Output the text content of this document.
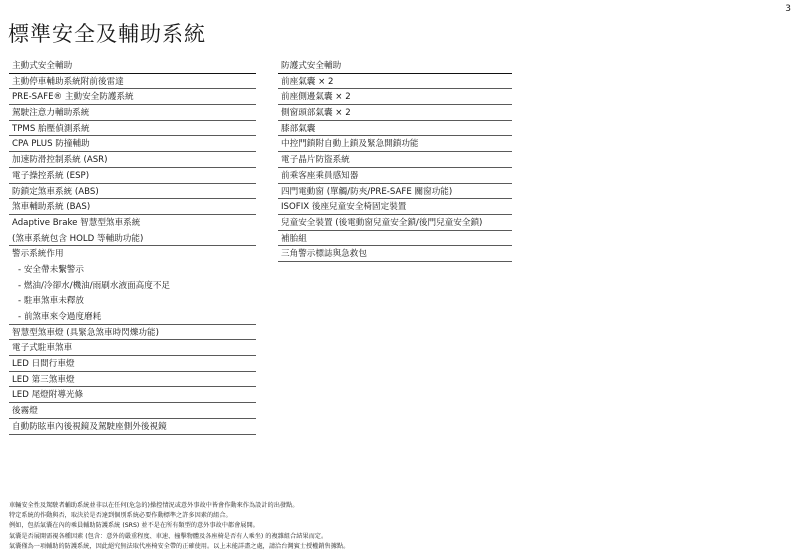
3
標準安全及輔助系統
主動式安全輔助
主動停車輔助系統附前後雷達
PRE-SAFE® 主動安全防護系統
駕駛注意力輔助系統
TPMS 胎壓偵測系統
CPA PLUS 防撞輔助
加速防滑控制系統 (ASR)
電子操控系統 (ESP)
防鎖定煞車系統 (ABS)
煞車輔助系統 (BAS)
Adaptive Brake 智慧型煞車系統
(煞車系統包含 HOLD 等輔助功能)
警示系統作用
- 安全帶未繫警示
- 燃油/冷卻水/機油/雨刷水液面高度不足
- 駐車煞車未釋放
- 前煞車來令過度磨耗
智慧型煞車燈 (具緊急煞車時閃爍功能)
電子式駐車煞車
LED 日間行車燈
LED 第三煞車燈
LED 尾燈附導光條
後霧燈
自動防眩車內後視鏡及駕駛座側外後視鏡
防護式安全輔助
前座氣囊 × 2
前座側邊氣囊 × 2
側窗頭部氣囊 × 2
膝部氣囊
中控門鎖附自動上鎖及緊急開鎖功能
電子晶片防盜系統
前乘客座乘員感知器
四門電動窗 (單觸/防夾/PRE-SAFE 關窗功能)
ISOFIX 後座兒童安全椅固定裝置
兒童安全裝置 (後電動窗兒童安全鎖/後門兒童安全鎖)
補胎組
三角警示標誌與急救包
車輛安全性及駕駛者輔助系統並非以在任何(危急的)操控情況或意外事故中皆會作動來作為設計的出發點。
特定系統的作動與否，取決於是否達到個別系統必要作動標準之許多因素的組合。
例如，包括氣囊在內的乘員輔助防護系統 (SRS) 並不是在所有類型的意外事故中都會展開。
氣囊是否展開需視各種因素 (包含：意外的嚴重程度、車速、撞擊物體及各座椅是否有人乘坐) 的複雜組合結果而定。
氣囊僅為一項輔助的防護系統，因此絕究無法取代座椅安全帶的正確使用。以上未能詳盡之處，請洽台灣賓士授權銷售據點。
